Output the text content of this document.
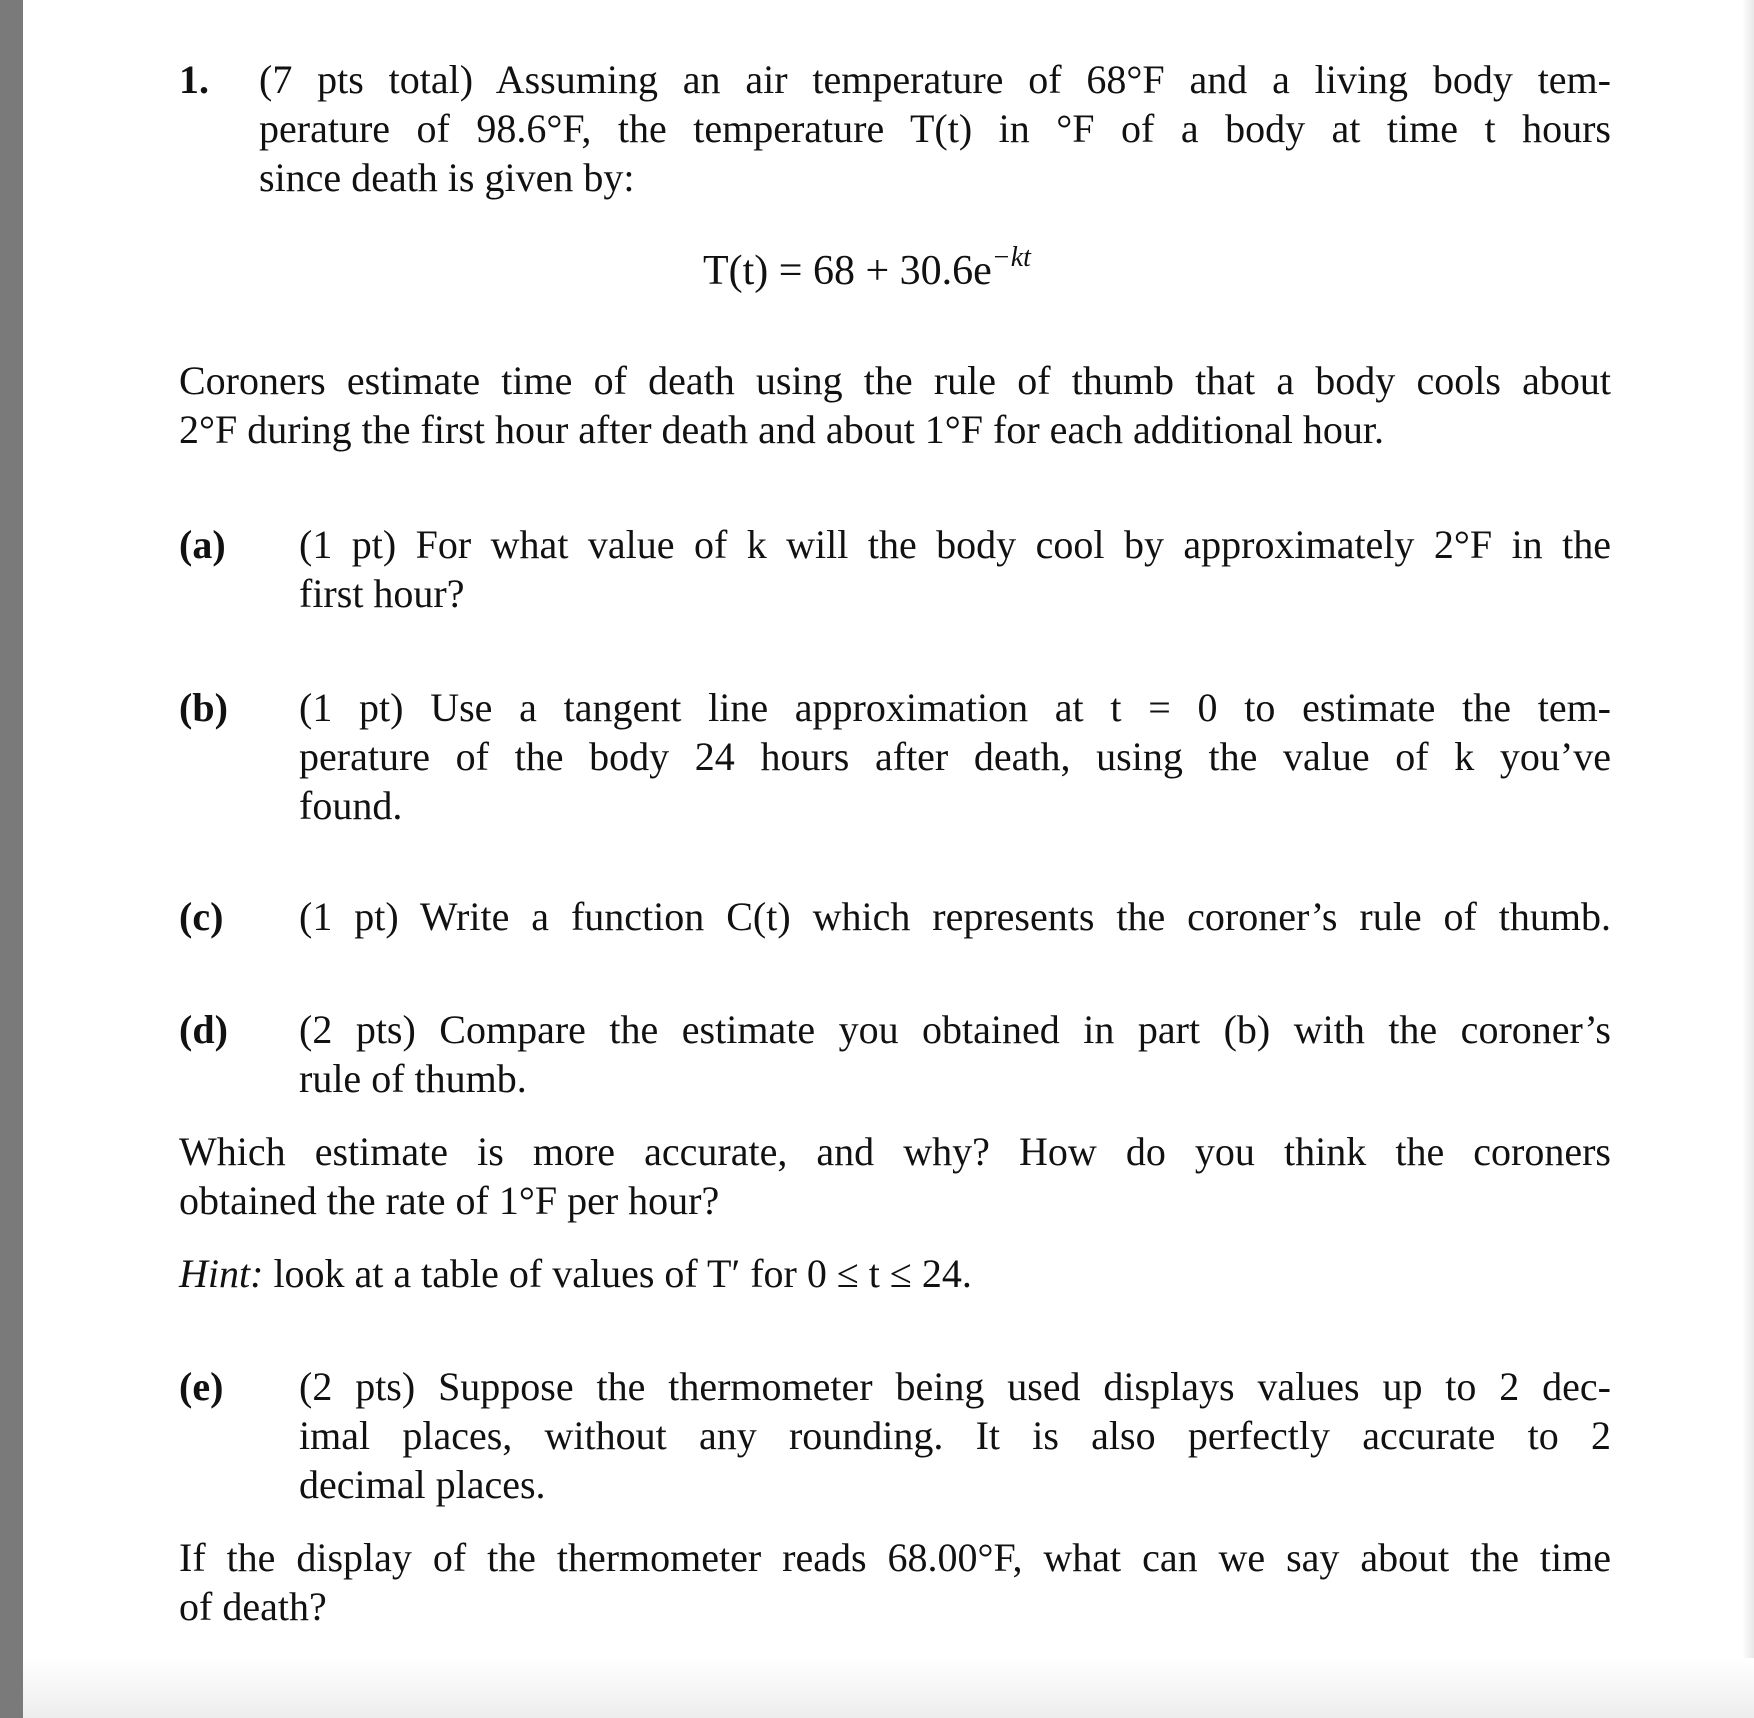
1. (7 pts total) Assuming an air temperature of 68°F and a living body tem-
perature of 98.6°F, the temperature T(t) in °F of a body at time t hours
since death is given by:
$T(t) = 68 + 30.6e^{-kt}$
Coroners estimate time of death using the rule of thumb that a body cools about
2°F during the first hour after death and about 1°F for each additional hour.
(a) (1 pt) For what value of k will the body cool by approximately 2°F in the
first hour?
(b) (1 pt) Use a tangent line approximation at t = 0 to estimate the tem-
perature of the body 24 hours after death, using the value of k you’ve
found.
(c) (1 pt) Write a function C(t) which represents the coroner’s rule of thumb.
(d) (2 pts) Compare the estimate you obtained in part (b) with the coroner’s
rule of thumb.
Which estimate is more accurate, and why? How do you think the coroners
obtained the rate of 1°F per hour?
Hint: look at a table of values of T′ for 0 ≤ t ≤ 24.
(e) (2 pts) Suppose the thermometer being used displays values up to 2 dec-
imal places, without any rounding. It is also perfectly accurate to 2
decimal places.
If the display of the thermometer reads 68.00°F, what can we say about the time
of death?
